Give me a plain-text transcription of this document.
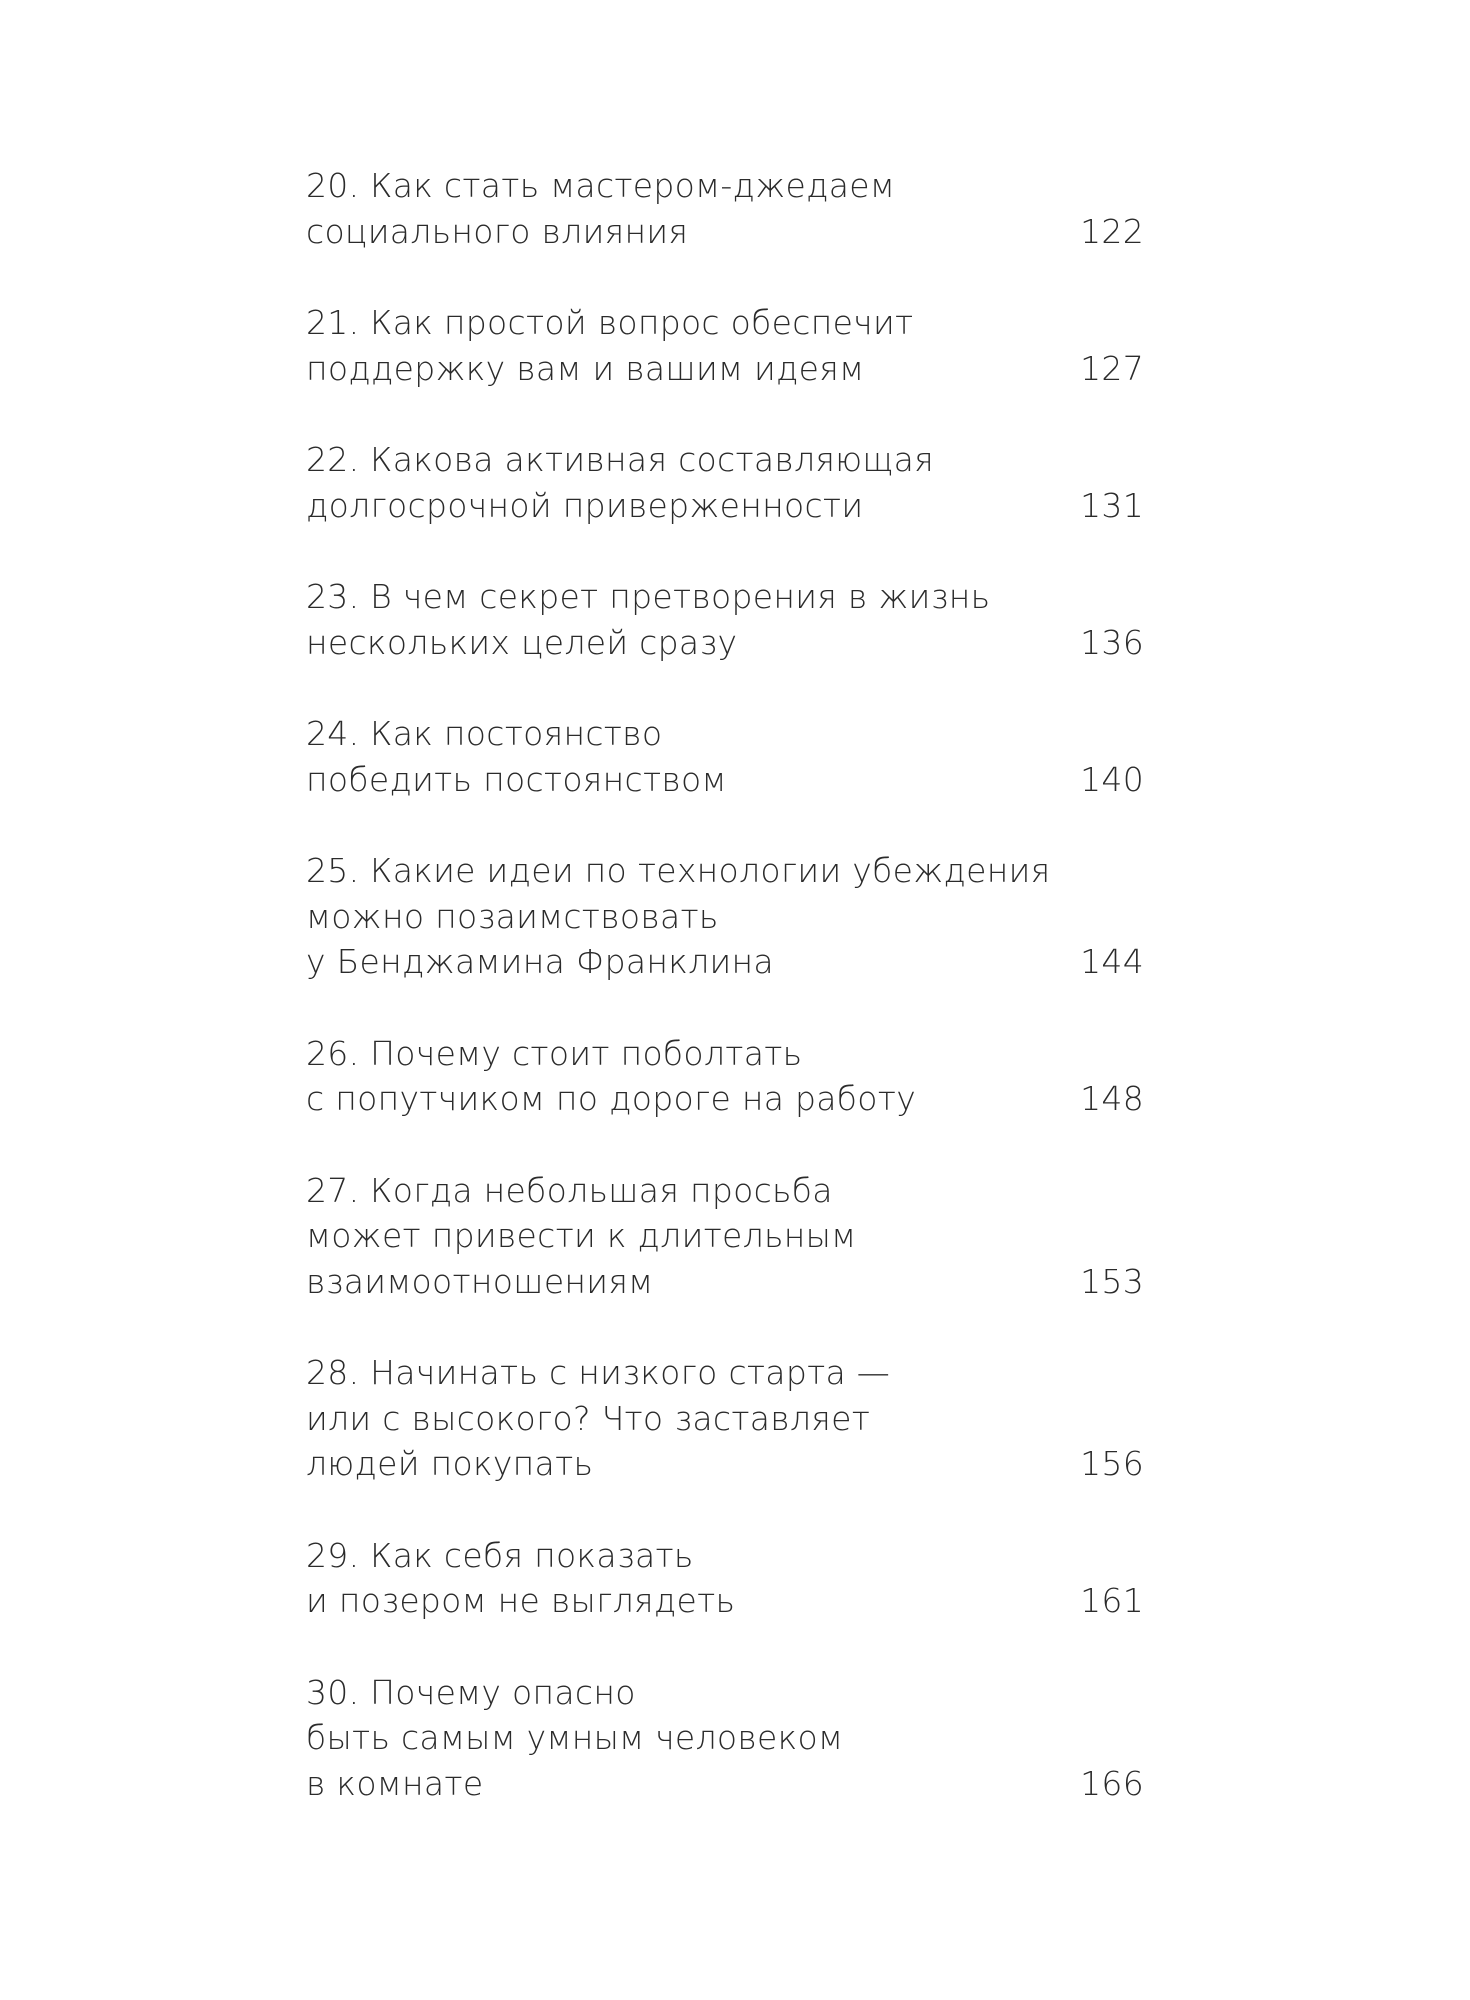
20. Как стать мастером-джедаем
социального влияния	122
21. Как простой вопрос обеспечит
поддержку вам и вашим идеям	127
22. Какова активная составляющая
долгосрочной приверженности	131
23. В чем секрет претворения в жизнь
нескольких целей сразу	136
24. Как постоянство
победить постоянством	140
25. Какие идеи по технологии убеждения
можно позаимствовать
у Бенджамина Франклина	144
26. Почему стоит поболтать
с попутчиком по дороге на работу	148
27. Когда небольшая просьба
может привести к длительным
взаимоотношениям	153
28. Начинать с низкого старта —
или с высокого? Что заставляет
людей покупать	156
29. Как себя показать
и позером не выглядеть	161
30. Почему опасно
быть самым умным человеком
в комнате	166
